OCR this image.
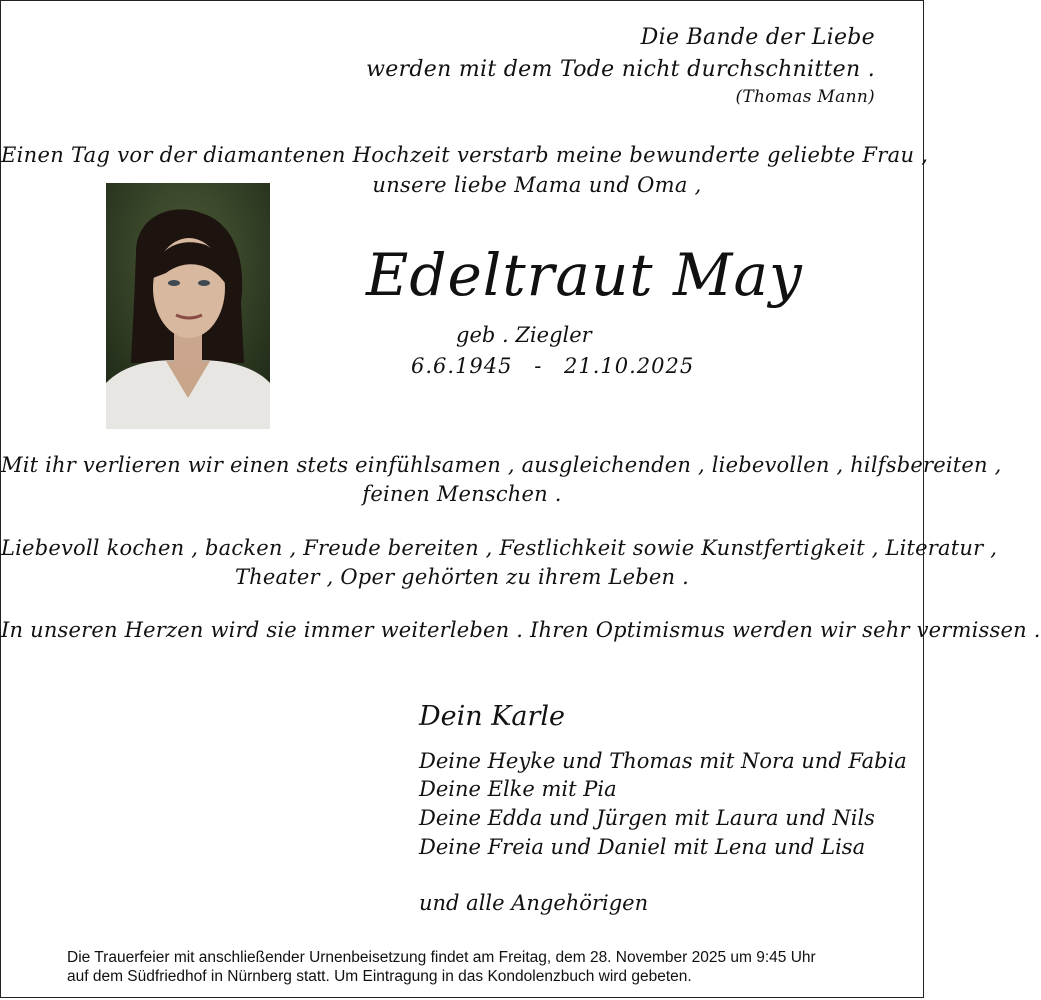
Die Bande der Liebe
werden mit dem Tode nicht durchschnitten .
(Thomas Mann)
Einen Tag vor der diamantenen Hochzeit verstarb meine bewunderte geliebte Frau ,
unsere liebe Mama und Oma ,
Edeltraut May
geb . Ziegler
6.6.1945 - 21.10.2025
Mit ihr verlieren wir einen stets einfühlsamen , ausgleichenden , liebevollen , hilfsbereiten ,
feinen Menschen .
Liebevoll kochen , backen , Freude bereiten , Festlichkeit sowie Kunstfertigkeit , Literatur ,
Theater , Oper gehörten zu ihrem Leben .
In unseren Herzen wird sie immer weiterleben . Ihren Optimismus werden wir sehr vermissen .
Dein Karle
Deine Heyke und Thomas mit Nora und Fabia
Deine Elke mit Pia
Deine Edda und Jürgen mit Laura und Nils
Deine Freia und Daniel mit Lena und Lisa
und alle Angehörigen
Die Trauerfeier mit anschließender Urnenbeisetzung findet am Freitag, dem 28. November 2025 um 9:45 Uhr
auf dem Südfriedhof in Nürnberg statt. Um Eintragung in das Kondolenzbuch wird gebeten.
